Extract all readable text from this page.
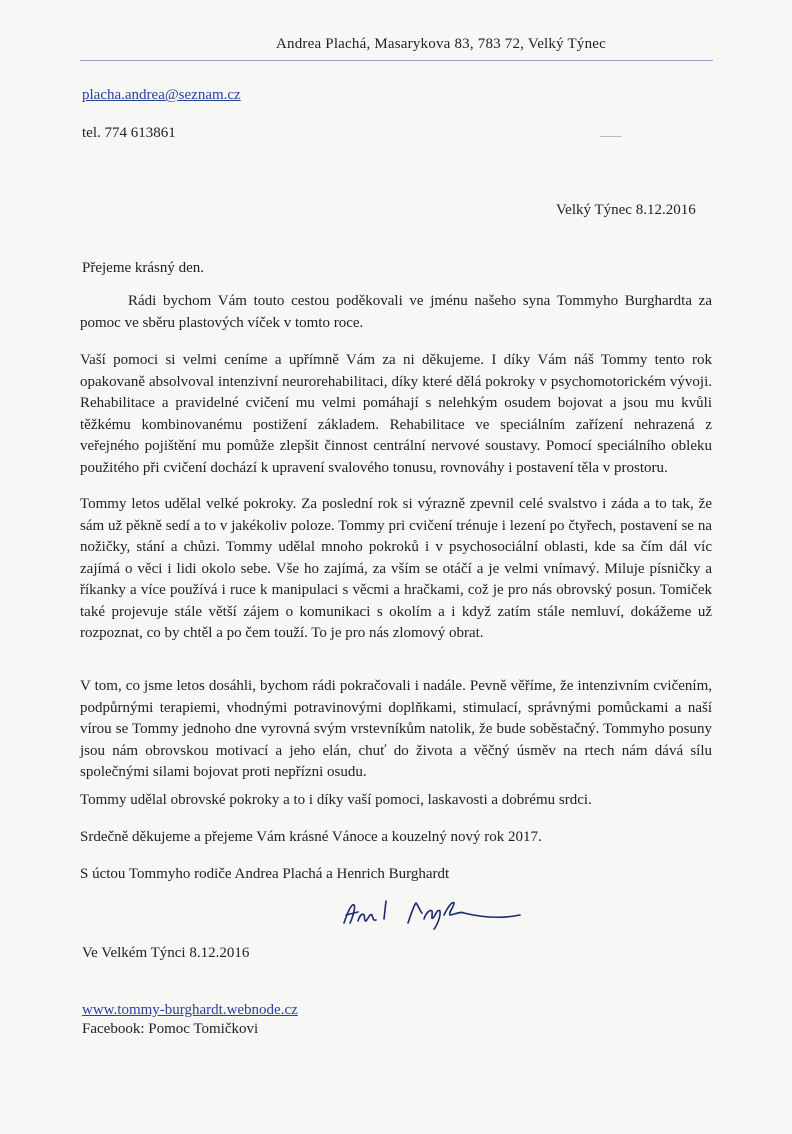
Andrea Plachá, Masarykova 83, 783 72, Velký Týnec
placha.andrea@seznam.cz
tel. 774 613861
Velký Týnec 8.12.2016
Přejeme krásný den.
Rádi bychom Vám touto cestou poděkovali ve jménu našeho syna Tommyho Burghardta za pomoc ve sběru plastových víček v tomto roce.
Vaší pomoci si velmi ceníme a upřímně Vám za ni děkujeme. I díky Vám náš Tommy tento rok opakovaně absolvoval intenzivní neurorehabilitaci, díky které dělá pokroky v psychomotorickém vývoji. Rehabilitace a pravidelné cvičení mu velmi pomáhají s nelehkým osudem bojovat a jsou mu kvůli těžkému kombinovanému postižení základem. Rehabilitace ve speciálním zařízení nehrazená z veřejného pojištění mu pomůže zlepšit činnost centrální nervové soustavy. Pomocí speciálního obleku použitého při cvičení dochází k upravení svalového tonusu, rovnováhy i postavení těla v prostoru.
Tommy letos udělal velké pokroky. Za poslední rok si výrazně zpevnil celé svalstvo i záda a to tak, že sám už pěkně sedí a to v jakékoliv poloze. Tommy pri cvičení trénuje i lezení po čtyřech, postavení se na nožičky, stání a chůzi. Tommy udělal mnoho pokroků i v psychosociální oblasti, kde sa čím dál víc zajímá o věci i lidi okolo sebe. Vše ho zajímá, za vším se otáčí a je velmi vnímavý. Miluje písničky a říkanky a více používá i ruce k manipulaci s věcmi a hračkami, což je pro nás obrovský posun. Tomiček také projevuje stále větší zájem o komunikaci s okolím a i když zatím stále nemluví, dokážeme už rozpoznat, co by chtěl a po čem touží. To je pro nás zlomový obrat.
V tom, co jsme letos dosáhli, bychom rádi pokračovali i nadále. Pevně věříme, že intenzivním cvičením, podpůrnými terapiemi, vhodnými potravinovými doplňkami, stimulací, správnými pomůckami a naší vírou se Tommy jednoho dne vyrovná svým vrstevníkům natolik, že bude soběstačný. Tommyho posuny jsou nám obrovskou motivací a jeho elán, chuť do života a věčný úsměv na rtech nám dává sílu společnými silami bojovat proti nepřízni osudu.
Tommy udělal obrovské pokroky a to i díky vaší pomoci, laskavosti a dobrému srdci.
Srdečně děkujeme a přejeme Vám krásné Vánoce a kouzelný nový rok 2017.
S úctou Tommyho rodiče Andrea Plachá a Henrich Burghardt
Ve Velkém Týnci 8.12.2016
www.tommy-burghardt.webnode.cz
Facebook: Pomoc Tomičkovi
